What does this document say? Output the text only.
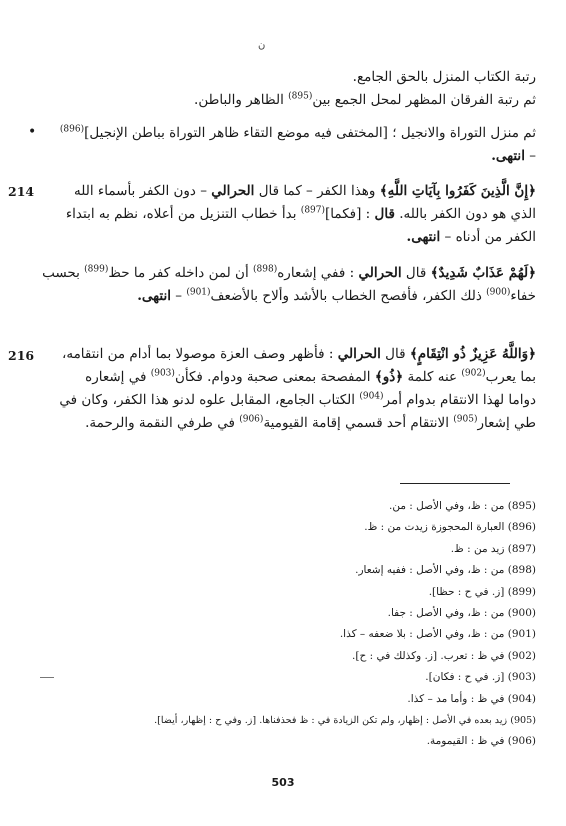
ن

رتبة الكتاب المنزل بالحق الجامع.

ثم رتبة الفرقان المظهر لمحل الجمع بين$^{(895)}$ الظاهر والباطن.

•	ثم منزل التوراة والانجيل ؛ [المختفى فيه موضع التقاء ظاهر التوراة بباطن الإنجيل]$^{(896)}$ – انتهى.

214	﴿إِنَّ الَّذِينَ كَفَرُوا بِآيَاتِ اللَّهِ﴾ وهذا الكفر – كما قال الحرالي – دون الكفر بأسماء الله الذي هو دون الكفر بالله. قال : [فكما]$^{(897)}$ بدأ خطاب التنزيل من أعلاه، نظم به ابتداء الكفر من أدناه – انتهى.

﴿لَهُمْ عَذَابٌ شَدِيدٌ﴾ قال الحرالي : ففي إشعاره$^{(898)}$ أن لمن داخله كفر ما حظ$^{(899)}$ بحسب خفاء$^{(900)}$ ذلك الكفر، فأفصح الخطاب بالأشد وألاح بالأضعف$^{(901)}$ – انتهى.

216	﴿وَاللَّهُ عَزِيزٌ ذُو انْتِقَامٍ﴾ قال الحرالي : فأظهر وصف العزة موصولا بما أدام من انتقامه، بما يعرب$^{(902)}$ عنه كلمة ﴿ذُو﴾ المفصحة بمعنى صحبة ودوام. فكأن$^{(903)}$ في إشعاره دواما لهذا الانتقام بدوام أمر$^{(904)}$ الكتاب الجامع، المقابل علوه لدنو هذا الكفر، وكان في طي إشعار$^{(905)}$ الانتقام أحد قسمي إقامة القيومية$^{(906)}$ في طرفي النقمة والرحمة.

(895) من : ظ، وفي الأصل : من.

(896) العبارة المحجوزة زيدت من : ظ.

(897) زيد من : ظ.

(898) من : ظ، وفي الأصل : ففيه إشعار.

(899) [ز. في ح : حظا].

(900) من : ظ، وفي الأصل : جفا.

(901) من : ظ، وفي الأصل : بلا ضعفه – كذا.

(902) في ظ : تعرب. [ز. وكذلك في : ح].

(903) [ز. في ح : فكان].

(904) في ظ : وأما مد – كذا.

(905) زيد بعده في الأصل : إظهار، ولم تكن الزيادة في : ظ فحذفناها. [ز. وفي ح : إظهار، أيضا].

(906) في ظ : القيمومة.

503
